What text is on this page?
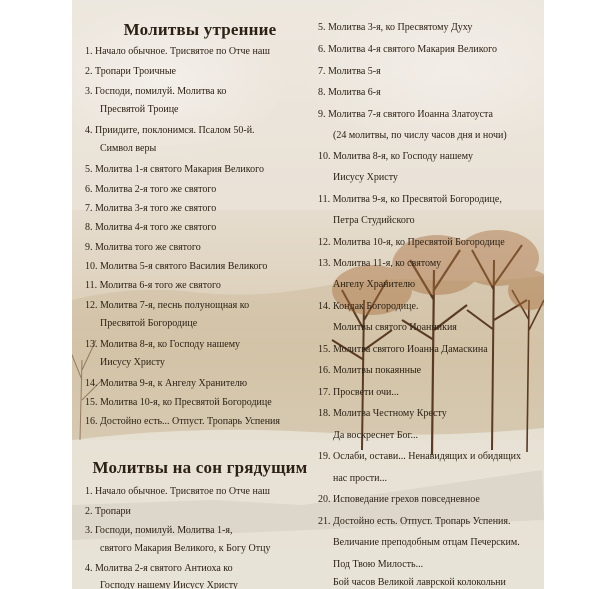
Молитвы утренние
1. Начало обычное. Трисвятое по Отче наш
2. Тропари Троичные
3. Господи, помилуй. Молитва ко
Пресвятой Троице
4. Приидите, поклонимся. Псалом 50-й.
Символ веры
5. Молитва 1-я святого Макария Великого
6. Молитва 2-я того же святого
7. Молитва 3-я того же святого
8. Молитва 4-я того же святого
9. Молитва того же святого
10. Молитва 5-я святого Василия Великого
11. Молитва 6-я того же святого
12. Молитва 7-я, песнь полунощная ко
Пресвятой Богородице
13. Молитва 8-я, ко Господу нашему
Иисусу Христу
14. Молитва 9-я, к Ангелу Хранителю
15. Молитва 10-я, ко Пресвятой Богородице
16. Достойно есть... Отпуст. Тропарь Успения
Молитвы на сон грядущим
1. Начало обычное. Трисвятое по Отче наш
2. Тропари
3. Господи, помилуй. Молитва 1-я,
святого Макария Великого, к Богу Отцу
4. Молитва 2-я святого Антиоха ко
Господу нашему Иисусу Христу
5. Молитва 3-я, ко Пресвятому Духу
6. Молитва 4-я святого Макария Великого
7. Молитва 5-я
8. Молитва 6-я
9. Молитва 7-я святого Иоанна Златоуста
(24 молитвы, по числу часов дня и ночи)
10. Молитва 8-я, ко Господу нашему
Иисусу Христу
11. Молитва 9-я, ко Пресвятой Богородице,
Петра Студийского
12. Молитва 10-я, ко Пресвятой Богородице
13. Молитва 11-я, ко святому
Ангелу Хранителю
14. Кондак Богородице.
Молитвы святого Иоанникия
15. Молитва святого Иоанна Дамаскина
16. Молитвы покаянные
17. Просвети очи...
18. Молитва Честному Кресту
Да воскреснет Бог...
19. Ослаби, остави... Ненавидящих и обидящих
нас прости...
20. Исповедание грехов повседневное
21. Достойно есть. Отпуст. Тропарь Успения.
Величание преподобным отцам Печерским.
Под Твою Милость...
Бой часов Великой лаврской колокольни
